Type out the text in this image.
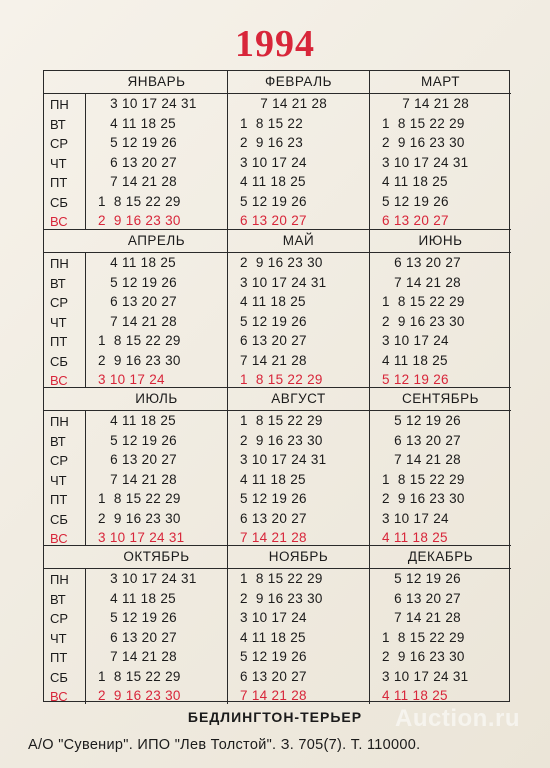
1994
ПН
ВТ
СР
ЧТ
ПТ
СБ
ВС
ЯНВАРЬ
3 10 17 24 31
4 11 18 25
5 12 19 26
6 13 20 27
7 14 21 28
1  8 15 22 29
2  9 16 23 30
ФЕВРАЛЬ
7 14 21 28
1  8 15 22
2  9 16 23
3 10 17 24
4 11 18 25
5 12 19 26
6 13 20 27
МАРТ
7 14 21 28
1  8 15 22 29
2  9 16 23 30
3 10 17 24 31
4 11 18 25
5 12 19 26
6 13 20 27
ПН
ВТ
СР
ЧТ
ПТ
СБ
ВС
АПРЕЛЬ
4 11 18 25
5 12 19 26
6 13 20 27
7 14 21 28
1  8 15 22 29
2  9 16 23 30
3 10 17 24
МАЙ
2  9 16 23 30
3 10 17 24 31
4 11 18 25
5 12 19 26
6 13 20 27
7 14 21 28
1  8 15 22 29
ИЮНЬ
6 13 20 27
7 14 21 28
1  8 15 22 29
2  9 16 23 30
3 10 17 24
4 11 18 25
5 12 19 26
ПН
ВТ
СР
ЧТ
ПТ
СБ
ВС
ИЮЛЬ
4 11 18 25
5 12 19 26
6 13 20 27
7 14 21 28
1  8 15 22 29
2  9 16 23 30
3 10 17 24 31
АВГУСТ
1  8 15 22 29
2  9 16 23 30
3 10 17 24 31
4 11 18 25
5 12 19 26
6 13 20 27
7 14 21 28
СЕНТЯБРЬ
5 12 19 26
6 13 20 27
7 14 21 28
1  8 15 22 29
2  9 16 23 30
3 10 17 24
4 11 18 25
ПН
ВТ
СР
ЧТ
ПТ
СБ
ВС
ОКТЯБРЬ
3 10 17 24 31
4 11 18 25
5 12 19 26
6 13 20 27
7 14 21 28
1  8 15 22 29
2  9 16 23 30
НОЯБРЬ
1  8 15 22 29
2  9 16 23 30
3 10 17 24
4 11 18 25
5 12 19 26
6 13 20 27
7 14 21 28
ДЕКАБРЬ
5 12 19 26
6 13 20 27
7 14 21 28
1  8 15 22 29
2  9 16 23 30
3 10 17 24 31
4 11 18 25
БЕДЛИНГТОН-ТЕРЬЕР
А/О "Сувенир". ИПО "Лев Толстой". З. 705(7). Т. 110000.
Auction.ru
